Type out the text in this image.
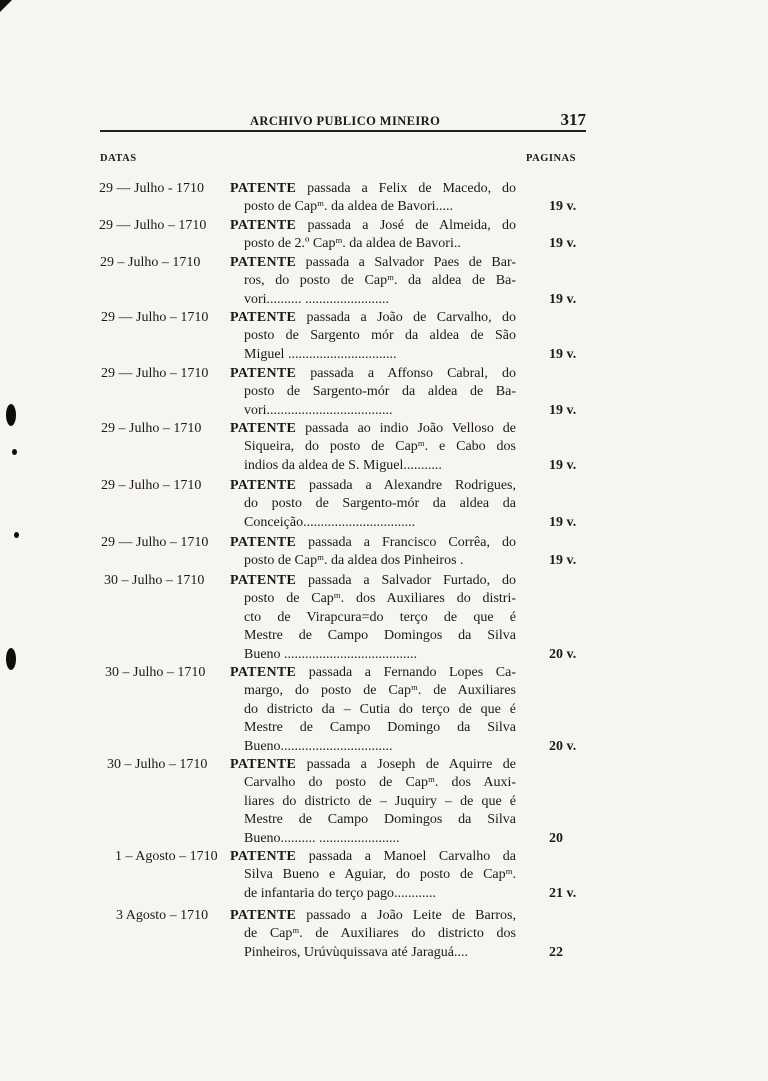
ARCHIVO PUBLICO MINEIRO	317
DATAS	PAGINAS
29 — Julho - 1710 PATENTE passada a Felix de Macedo, do
posto de Capᵐ. da aldea de Bavori.....	19 v.
29 — Julho – 1710 PATENTE passada a José de Almeida, do
posto de 2.º Capᵐ. da aldea de Bavori..	19 v.
29 – Julho – 1710 PATENTE passada a Salvador Paes de Bar-
ros, do posto de Capᵐ. da aldea de Ba-
vori.......... ........................	19 v.
29 — Julho – 1710 PATENTE passada a João de Carvalho, do
posto de Sargento mór da aldea de São
Miguel ...............................	19 v.
29 — Julho – 1710 PATENTE passada a Affonso Cabral, do
posto de Sargento-mór da aldea de Ba-
vori....................................	19 v.
29 – Julho – 1710 PATENTE passada ao indio João Velloso de
Siqueira, do posto de Capᵐ. e Cabo dos
indios da aldea de S. Miguel...........	19 v.
29 – Julho – 1710 PATENTE passada a Alexandre Rodrigues,
do posto de Sargento-mór da aldea da
Conceição................................	19 v.
29 — Julho – 1710 PATENTE passada a Francisco Corrêa, do
posto de Capᵐ. da aldea dos Pinheiros .	19 v.
30 – Julho – 1710 PATENTE passada a Salvador Furtado, do
posto de Capᵐ. dos Auxiliares do distri-
cto de Virapcura=do terço de que é
Mestre de Campo Domingos da Silva
Bueno ......................................	20 v.
30 – Julho – 1710 PATENTE passada a Fernando Lopes Ca-
margo, do posto de Capᵐ. de Auxiliares
do districto da – Cutia do terço de que é
Mestre de Campo Domingo da Silva
Bueno................................	20 v.
30 – Julho – 1710 PATENTE passada a Joseph de Aquirre de
Carvalho do posto de Capᵐ. dos Auxi-
liares do districto de – Juquiry – de que é
Mestre de Campo Domingos da Silva
Bueno.......... .......................	20
1 – Agosto – 1710 PATENTE passada a Manoel Carvalho da
Silva Bueno e Aguiar, do posto de Capᵐ.
de infantaria do terço pago............	21 v.
3 Agosto – 1710 PATENTE passado a João Leite de Barros,
de Capᵐ. de Auxiliares do districto dos
Pinheiros, Urúvùquissava até Jaraguá....	22
